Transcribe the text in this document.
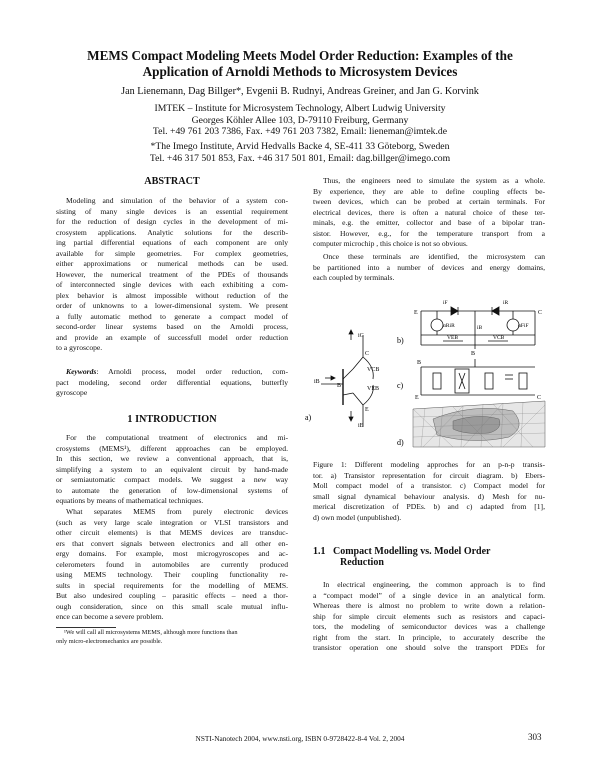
MEMS Compact Modeling Meets Model Order Reduction: Examples of the
Application of Arnoldi Methods to Microsystem Devices
Jan Lienemann, Dag Billger*, Evgenii B. Rudnyi, Andreas Greiner, and Jan G. Korvink
IMTEK – Institute for Microsystem Technology, Albert Ludwig University
Georges Köhler Allee 103, D-79110 Freiburg, Germany
Tel. +49 761 203 7386, Fax. +49 761 203 7382, Email: lieneman@imtek.de
*The Imego Institute, Arvid Hedvalls Backe 4, SE-411 33 Göteborg, Sweden
Tel. +46 317 501 853, Fax. +46 317 501 801, Email: dag.billger@imego.com
ABSTRACT
Modeling and simulation of the behavior of a system con-
sisting of many single devices is an essential requirement
for the reduction of design cycles in the development of mi-
crosystem applications. Analytic solutions for the describ-
ing partial differential equations of each component are only
available for simple geometries. For complex geometries,
either approximations or numerical methods can be used.
However, the numerical treatment of the PDEs of thousands
of interconnected single devices with each exhibiting a com-
plex behavior is almost impossible without reduction of the
order of unknowns to a lower-dimensional system. We present
a fully automatic method to generate a compact model of
second-order linear systems based on the Arnoldi process,
and provide an example of successfull model order reduction
to a gyroscope.
Keywords: Arnoldi process, model order reduction, com-
pact modeling, second order differential equations, butterfly
gyroscope
1 INTRODUCTION
For the computational treatment of electronics and mi-
crosystems (MEMS¹), different approaches can be employed.
In this section, we review a conventional approach, that is,
simplifying a system to an equivalent circuit by hand-made
or semiautomatic compact models. We suggest a new way
to automate the generation of low-dimensional systems of
equations by means of mathematical techniques.
What separates MEMS from purely electronic devices
(such as very large scale integration or VLSI transistors and
other circuit elements) is that MEMS devices are transduc-
ers that convert signals between electronics and all other en-
ergy domains. For example, most microgyroscopes and ac-
celerometers found in automobiles are currently produced
using MEMS technology. Their coupling functionality re-
sults in special requirements for the modelling of MEMS.
But also undesired coupling – parasitic effects – need a thor-
ough consideration, since on this small scale mutual influ-
ence can become a severe problem.
¹We will call all microsystems MEMS, although more functions than
only micro-electromechanics are possible.
Thus, the engineers need to simulate the system as a whole.
By experience, they are able to define coupling effects be-
tween devices, which can be probed at certain terminals. For
electrical devices, there is often a natural choice of these ter-
minals, e.g. the emitter, collector and base of a bipolar tran-
sistor. However, e.g., for the temperature transport from a
computer microchip , this choice is not so obvious.
Once these terminals are identified, the microsystem can
be partitioned into a number of devices and energy domains,
each coupled by terminals.
iC
C
VCB
iB
B	VEB
E
iE
a)
E	C
iF	iR
αRiR	αFiF
iB
B
VEB	VCB
b)
B
E	C
c)
d)
Figure 1: Different modeling approches for an p-n-p transis-
tor. a) Transistor representation for circuit diagram. b) Ebers-
Moll compact model of a transistor. c) Compact model for
small signal dynamical behaviour analysis. d) Mesh for nu-
merical discretization of PDEs. b) and c) adapted from [1],
d) own model (unpublished).
1.1 Compact Modelling vs. Model Order
Reduction
In electrical engineering, the common approach is to find
a “compact model” of a single device in an analytical form.
Whereas there is almost no problem to write down a relation-
ship for simple circuit elements such as resistors and capaci-
tors, the modeling of semiconductor devices was a challenge
right from the start. In principle, to accurately describe the
transistor operation one should solve the transport PDEs for
NSTI-Nanotech 2004, www.nsti.org, ISBN 0-9728422-8-4 Vol. 2, 2004	303
